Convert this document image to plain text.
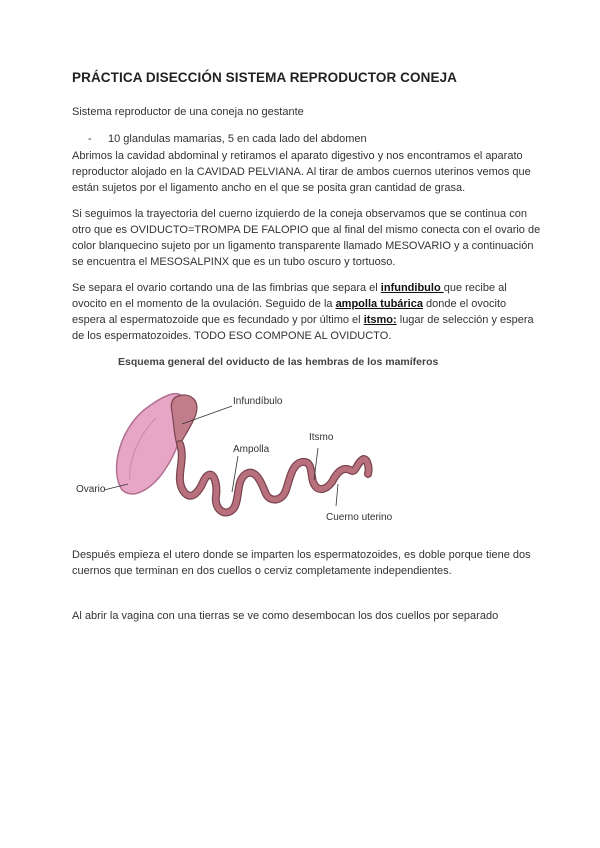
PRÁCTICA DISECCIÓN SISTEMA REPRODUCTOR CONEJA
Sistema reproductor de una coneja no gestante
- 10 glandulas mamarias, 5 en cada lado del abdomen
Abrimos la cavidad abdominal y retiramos el aparato digestivo y nos encontramos el aparato reproductor alojado en la CAVIDAD PELVIANA. Al tirar de ambos cuernos uterinos vemos que están sujetos por el ligamento ancho en el que se posita gran cantidad de grasa.
Si seguimos la trayectoria del cuerno izquierdo de la coneja observamos que se continua con otro que es OVIDUCTO=TROMPA DE FALOPIO que al final del mismo conecta con el ovario de color blanquecino sujeto por un ligamento transparente llamado MESOVARIO y a continuación se encuentra el MESOSALPINX que es un tubo oscuro y tortuoso.
Se separa el ovario cortando una de las fimbrias que separa el infundibulo que recibe al ovocito en el momento de la ovulación. Seguido de la ampolla tubárica donde el ovocito espera al espermatozoide que es fecundado y por último el itsmo: lugar de selección y espera de los espermatozoides. TODO ESO COMPONE AL OVIDUCTO.
Esquema general del oviducto de las hembras de los mamíferos
Infundíbulo
Ampolla
Itsmo
Ovario
Cuerno uterino
Después empieza el utero donde se imparten los espermatozoides, es doble porque tiene dos cuernos que terminan en dos cuellos o cerviz completamente independientes.
Al abrir la vagina con una tierras se ve como desembocan los dos cuellos por separado
